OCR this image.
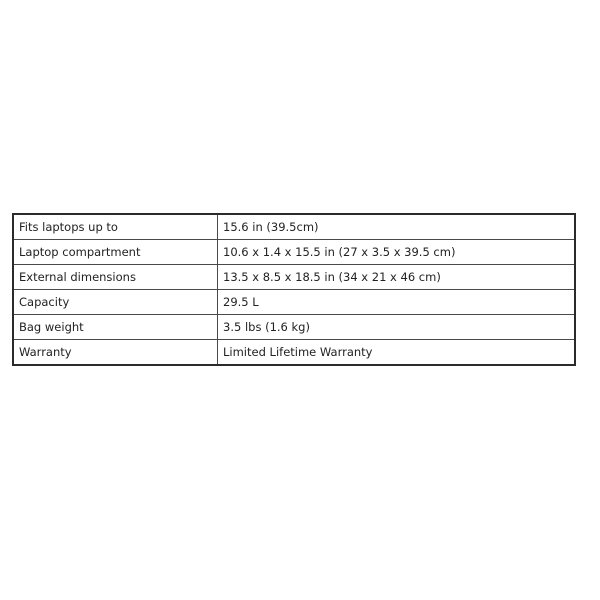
Fits laptops up to	15.6 in (39.5cm)
Laptop compartment	10.6 x 1.4 x 15.5 in (27 x 3.5 x 39.5 cm)
External dimensions	13.5 x 8.5 x 18.5 in (34 x 21 x 46 cm)
Capacity	29.5 L
Bag weight	3.5 lbs (1.6 kg)
Warranty	Limited Lifetime Warranty
